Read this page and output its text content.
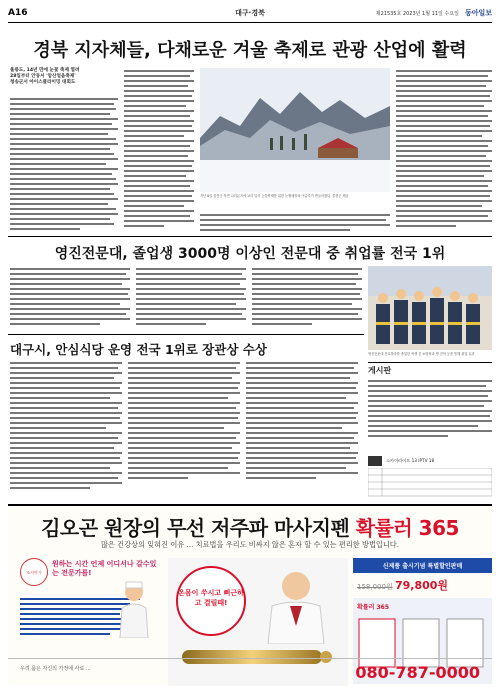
A16	대구·경북	제21535호 2023년 1월 11일 수요일 동아일보
경북 지자체들, 다채로운 겨울 축제로 관광 산업에 활력
울릉도, 14년 만에 눈꽃 축제 열려
28일부터 안동서 '암산얼음축제'
청송군서 아이스클라이밍 대회도
지난 8일 울릉군 북면 나리분지에 보리 알곡 눈꽃축제를 위한 눈썰매장과 이글루가 만들어졌다. 울릉군 제공
영진전문대, 졸업생 3000명 이상인 전문대 중 취업률 전국 1위
영진전문대 간호학과를 졸업한 학생 중 소방학과 병 진학 등을 통해 취업 효과
대구시, 안심식당 운영 전국 1위로 장관상 수상
게시판
스카이라이프 13 IPTV 18
김오곤 원장의 무선 저주파 마사지펜 확률러 365
많은 건강상의 잊혀진 이유 ... 치료법을 우리도 비싸지 않은 혼자 할 수 있는 편리한 방법입니다.
조지아가
원하는 시간 언제 어디서나 갈수있는 전문가를!
온몸이 쑤시고 뻐근하고 결릴때!
신제품 출시기념 특별할인판매
158,000원 79,800원
확률러 365
우리 몸은 자신의 가정에 사로 ...	080-787-0000
